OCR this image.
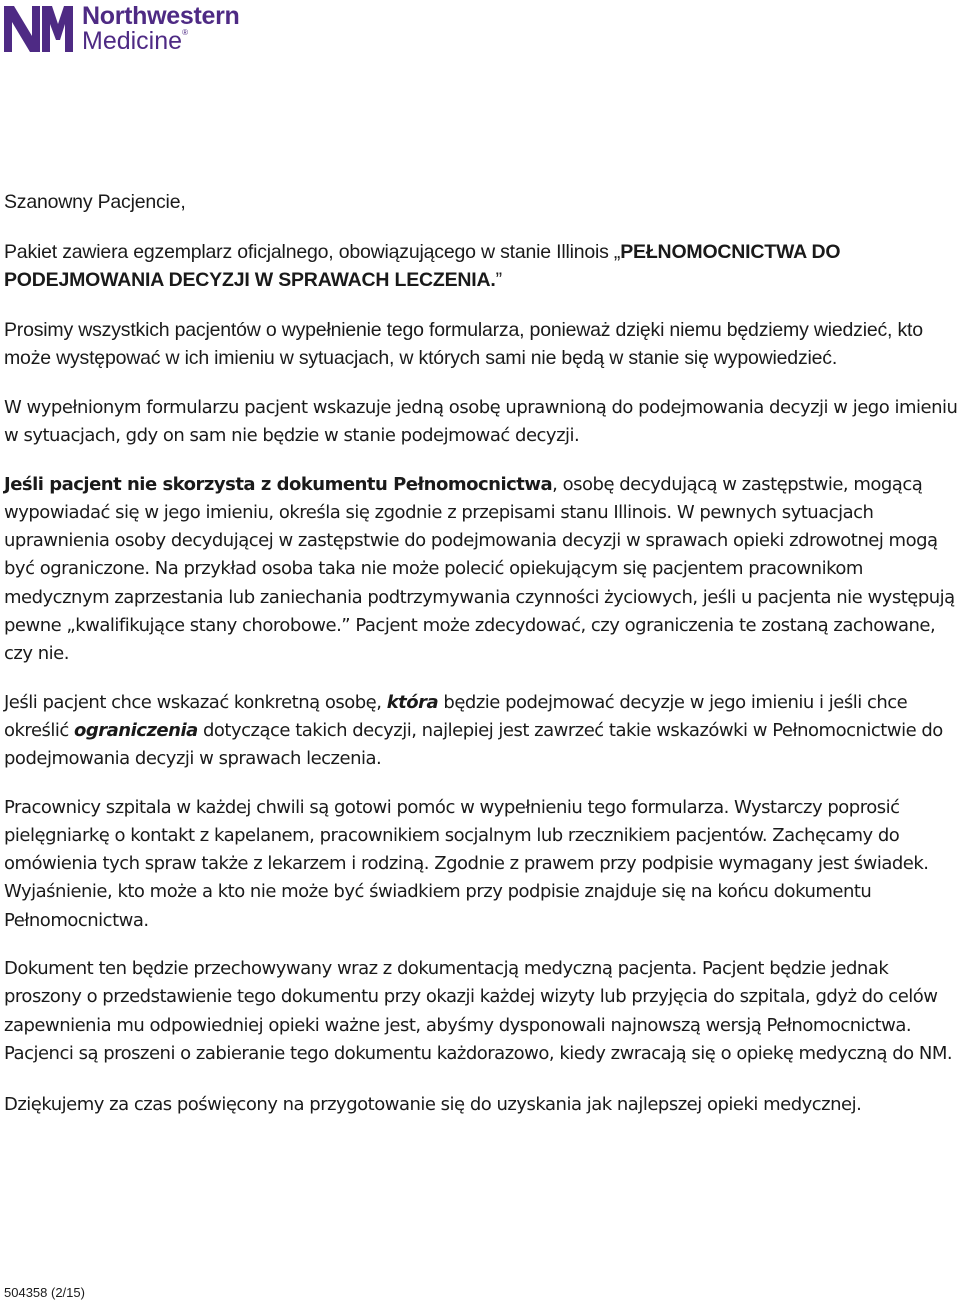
Northwestern
Medicine®

Szanowny Pacjencie,

Pakiet zawiera egzemplarz oficjalnego, obowiązującego w stanie Illinois „PEŁNOMOCNICTWA DO PODEJMOWANIA DECYZJI W SPRAWACH LECZENIA.”

Prosimy wszystkich pacjentów o wypełnienie tego formularza, ponieważ dzięki niemu będziemy wiedzieć, kto może występować w ich imieniu w sytuacjach, w których sami nie będą w stanie się wypowiedzieć.

W wypełnionym formularzu pacjent wskazuje jedną osobę uprawnioną do podejmowania decyzji w jego imieniu w sytuacjach, gdy on sam nie będzie w stanie podejmować decyzji.

Jeśli pacjent nie skorzysta z dokumentu Pełnomocnictwa, osobę decydującą w zastępstwie, mogącą wypowiadać się w jego imieniu, określa się zgodnie z przepisami stanu Illinois. W pewnych sytuacjach uprawnienia osoby decydującej w zastępstwie do podejmowania decyzji w sprawach opieki zdrowotnej mogą być ograniczone. Na przykład osoba taka nie może polecić opiekującym się pacjentem pracownikom medycznym zaprzestania lub zaniechania podtrzymywania czynności życiowych, jeśli u pacjenta nie występują pewne „kwalifikujące stany chorobowe.” Pacjent może zdecydować, czy ograniczenia te zostaną zachowane, czy nie.

Jeśli pacjent chce wskazać konkretną osobę, która będzie podejmować decyzje w jego imieniu i jeśli chce określić ograniczenia dotyczące takich decyzji, najlepiej jest zawrzeć takie wskazówki w Pełnomocnictwie do podejmowania decyzji w sprawach leczenia.

Pracownicy szpitala w każdej chwili są gotowi pomóc w wypełnieniu tego formularza. Wystarczy poprosić pielęgniarkę o kontakt z kapelanem, pracownikiem socjalnym lub rzecznikiem pacjentów. Zachęcamy do omówienia tych spraw także z lekarzem i rodziną. Zgodnie z prawem przy podpisie wymagany jest świadek. Wyjaśnienie, kto może a kto nie może być świadkiem przy podpisie znajduje się na końcu dokumentu Pełnomocnictwa.

Dokument ten będzie przechowywany wraz z dokumentacją medyczną pacjenta. Pacjent będzie jednak proszony o przedstawienie tego dokumentu przy okazji każdej wizyty lub przyjęcia do szpitala, gdyż do celów zapewnienia mu odpowiedniej opieki ważne jest, abyśmy dysponowali najnowszą wersją Pełnomocnictwa. Pacjenci są proszeni o zabieranie tego dokumentu każdorazowo, kiedy zwracają się o opiekę medyczną do NM.

Dziękujemy za czas poświęcony na przygotowanie się do uzyskania jak najlepszej opieki medycznej.

504358 (2/15)
